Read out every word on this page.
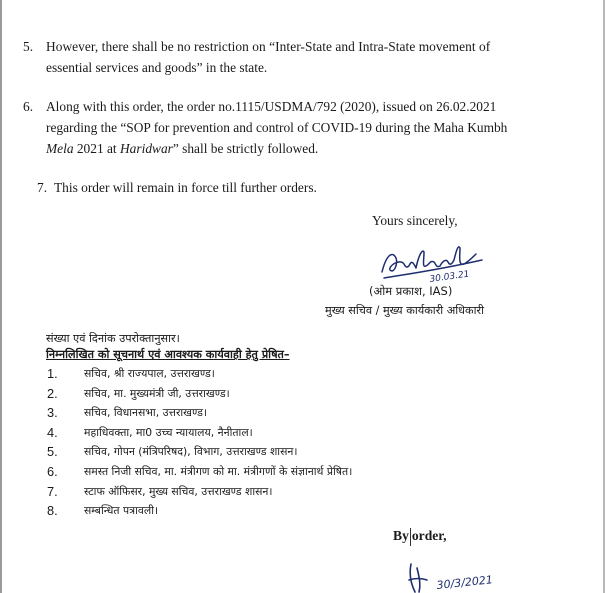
5. However, there shall be no restriction on “Inter-State and Intra-State movement of
essential services and goods” in the state.
6. Along with this order, the order no.1115/USDMA/792 (2020), issued on 26.02.2021
regarding the “SOP for prevention and control of COVID-19 during the Maha Kumbh
Mela 2021 at Haridwar” shall be strictly followed.
7. This order will remain in force till further orders.
Yours sincerely,
30.03.21
(ओम प्रकाश, IAS)
मुख्य सचिव / मुख्य कार्यकारी अधिकारी
संख्या एवं दिनांक उपरोक्तानुसार।
निम्नलिखित को सूचनार्थ एवं आवश्यक कार्यवाही हेतु प्रेषित–
1. सचिव, श्री राज्यपाल, उत्तराखण्ड।
2. सचिव, मा. मुख्यमंत्री जी, उत्तराखण्ड।
3. सचिव, विधानसभा, उत्तराखण्ड।
4. महाधिवक्ता, मा0 उच्च न्यायालय, नैनीताल।
5. सचिव, गोपन (मंत्रिपरिषद), विभाग, उत्तराखण्ड शासन।
6. समस्त निजी सचिव, मा. मंत्रीगण को मा. मंत्रीगणों के संज्ञानार्थ प्रेषित।
7. स्टाफ ऑफिसर, मुख्य सचिव, उत्तराखण्ड शासन।
8. सम्बन्धित पत्रावली।
By order,
30/3/2021
